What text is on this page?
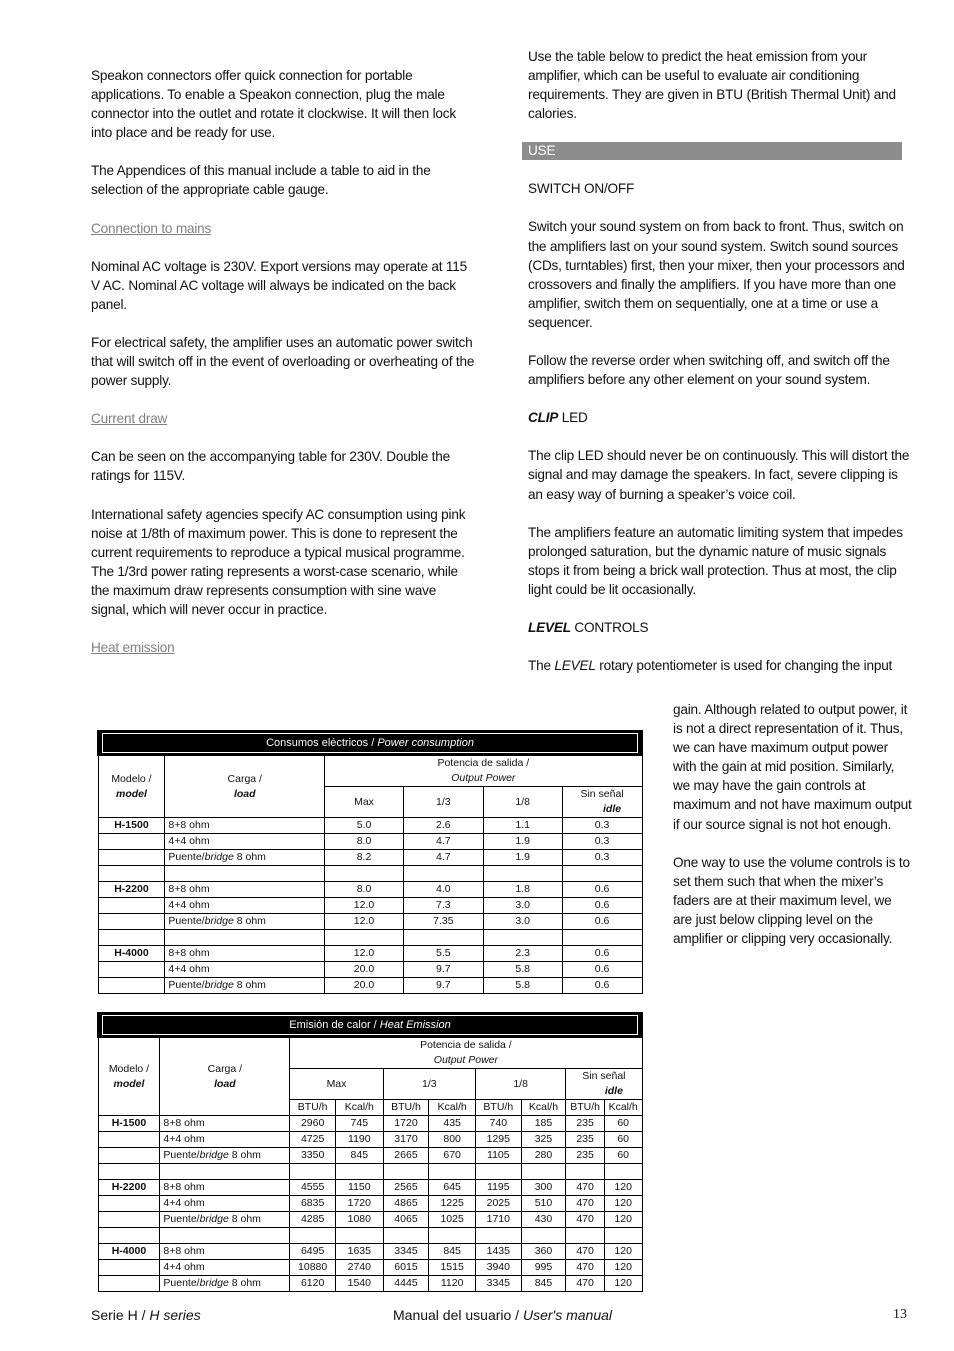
Speakon connectors offer quick connection for portable applications. To enable a Speakon connection, plug the male connector into the outlet and rotate it clockwise. It will then lock into place and be ready for use.

The Appendices of this manual include a table to aid in the selection of the appropriate cable gauge.

Connection to mains

Nominal AC voltage is 230V. Export versions may operate at 115 V AC. Nominal AC voltage will always be indicated on the back panel.

For electrical safety, the amplifier uses an automatic power switch that will switch off in the event of overloading or overheating of the power supply.

Current draw

Can be seen on the accompanying table for 230V. Double the ratings for 115V.

International safety agencies specify AC consumption using pink noise at 1/8th of maximum power. This is done to represent the current requirements to reproduce a typical musical programme. The 1/3rd power rating represents a worst-case scenario, while the maximum draw represents consumption with sine wave signal, which will never occur in practice.

Heat emission

Use the table below to predict the heat emission from your amplifier, which can be useful to evaluate air conditioning requirements. They are given in BTU (British Thermal Unit) and calories.

USE
SWITCH ON/OFF

Switch your sound system on from back to front. Thus, switch on the amplifiers last on your sound system. Switch sound sources (CDs, turntables) first, then your mixer, then your processors and crossovers and finally the amplifiers. If you have more than one amplifier, switch them on sequentially, one at a time or use a sequencer.

Follow the reverse order when switching off, and switch off the amplifiers before any other element on your sound system.

CLIP LED

The clip LED should never be on continuously. This will distort the signal and may damage the speakers. In fact, severe clipping is an easy way of burning a speaker’s voice coil.

The amplifiers feature an automatic limiting system that impedes prolonged saturation, but the dynamic nature of music signals stops it from being a brick wall protection. Thus at most, the clip light could be lit occasionally.

LEVEL CONTROLS
The LEVEL rotary potentiometer is used for changing the input

gain. Although related to output power, it is not a direct representation of it. Thus, we can have maximum output power with the gain at mid position. Similarly, we may have the gain controls at maximum and not have maximum output if our source signal is not hot enough.

One way to use the volume controls is to set them such that when the mixer’s faders are at their maximum level, we are just below clipping level on the amplifier or clipping very occasionally.

Consumos eléctricos / Power consumption					

Modelo /
model	Carga /
load	Potencia de salida /
Output Power			
		Max	1/3	1/8	Sin señal
idle
H-1500	8+8 ohm	5.0	2.6	1.1	0.3
	4+4 ohm	8.0	4.7	1.9	0.3
	Puente/bridge 8 ohm	8.2	4.7	1.9	0.3

H-2200	8+8 ohm	8.0	4.0	1.8	0.6
	4+4 ohm	12.0	7.3	3.0	0.6
	Puente/bridge 8 ohm	12.0	7.35	3.0	0.6

H-4000	8+8 ohm	12.0	5.5	2.3	0.6
	4+4 ohm	20.0	9.7	5.8	0.6
	Puente/bridge 8 ohm	20.0	9.7	5.8	0.6
Emisión de calor / Heat Emission									

Modelo /
model	Carga /
load	Potencia de salida /
Output Power							
		Max		1/3		1/8		Sin señal
idle	
		BTU/h	Kcal/h	BTU/h	Kcal/h	BTU/h	Kcal/h	BTU/h	Kcal/h
H-1500	8+8 ohm	2960	745	1720	435	740	185	235	60
	4+4 ohm	4725	1190	3170	800	1295	325	235	60
	Puente/bridge 8 ohm	3350	845	2665	670	1105	280	235	60

H-2200	8+8 ohm	4555	1150	2565	645	1195	300	470	120
	4+4 ohm	6835	1720	4865	1225	2025	510	470	120
	Puente/bridge 8 ohm	4285	1080	4065	1025	1710	430	470	120

H-4000	8+8 ohm	6495	1635	3345	845	1435	360	470	120
	4+4 ohm	10880	2740	6015	1515	3940	995	470	120
	Puente/bridge 8 ohm	6120	1540	4445	1120	3345	845	470	120
Serie H / H series	Manual del usuario / User's manual	13
